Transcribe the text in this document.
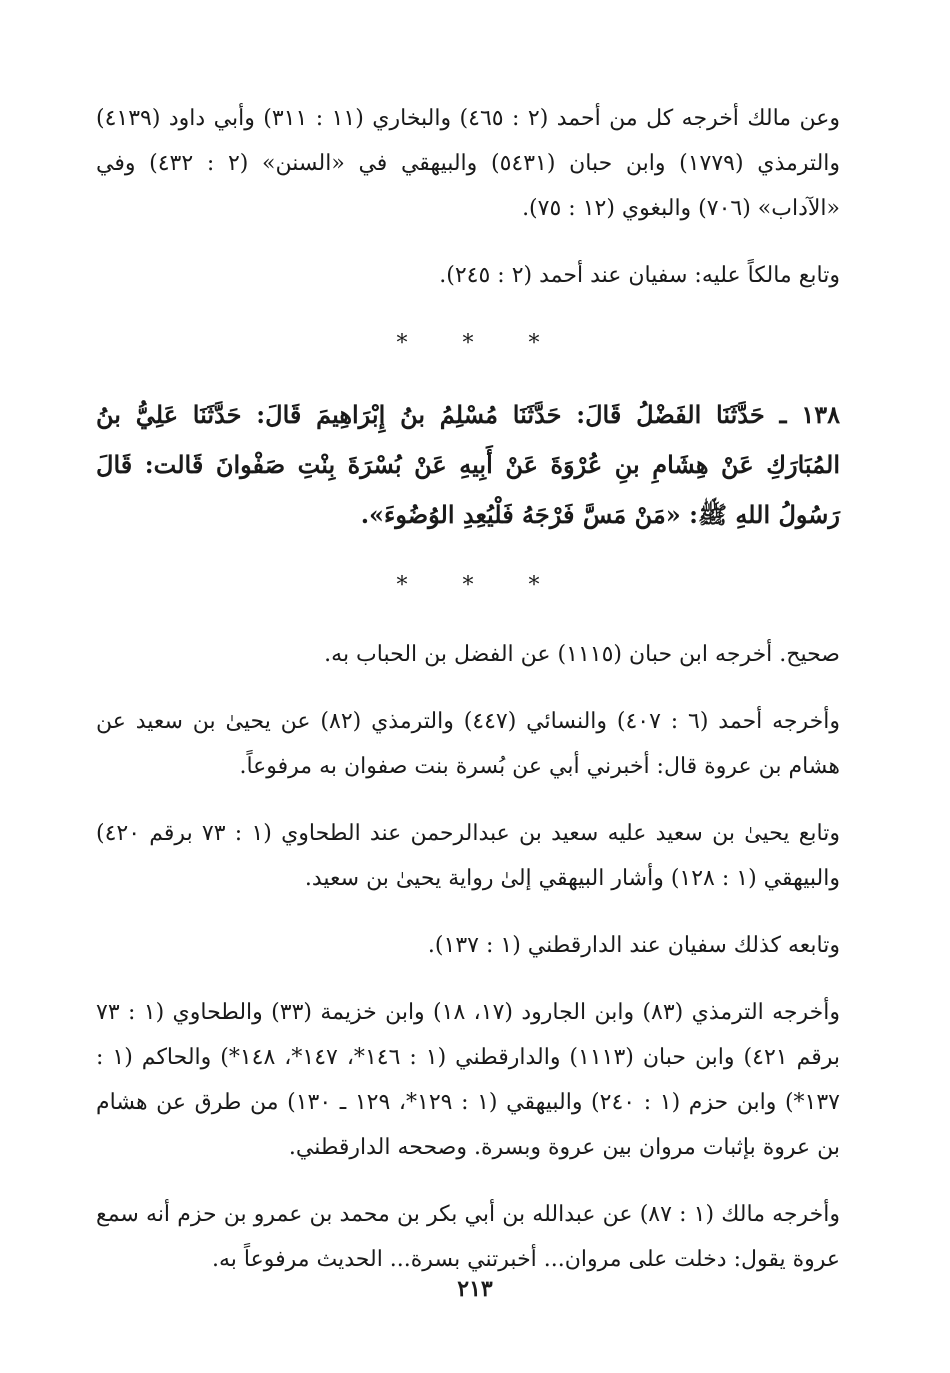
وعن مالك أخرجه كل من أحمد (٢ : ٤٦٥) والبخاري (١١ : ٣١١) وأبي داود (٤١٣٩) والترمذي (١٧٧٩) وابن حبان (٥٤٣١) والبيهقي في «السنن» (٢ : ٤٣٢) وفي «الآداب» (٧٠٦) والبغوي (١٢ : ٧٥).

وتابع مالكاً عليه: سفيان عند أحمد (٢ : ٢٤٥).

* * *

١٣٨ ـ حَدَّثَنَا الفَضْلُ قَالَ: حَدَّثَنَا مُسْلِمُ بنُ إِبْرَاهِيمَ قَالَ: حَدَّثَنَا عَلِيُّ بنُ المُبَارَكِ عَنْ هِشَامِ بنِ عُرْوَةَ عَنْ أَبِيهِ عَنْ بُسْرَةَ بِنْتِ صَفْوانَ قَالت: قَالَ رَسُولُ اللهِ ﷺ: «مَنْ مَسَّ فَرْجَهُ فَلْيُعِدِ الوُضُوءَ».

* * *

صحيح. أخرجه ابن حبان (١١١٥) عن الفضل بن الحباب به.

وأخرجه أحمد (٦ : ٤٠٧) والنسائي (٤٤٧) والترمذي (٨٢) عن يحيىٰ بن سعيد عن هشام بن عروة قال: أخبرني أبي عن بُسرة بنت صفوان به مرفوعاً.

وتابع يحيىٰ بن سعيد عليه سعيد بن عبدالرحمن عند الطحاوي (١ : ٧٣ برقم ٤٢٠) والبيهقي (١ : ١٢٨) وأشار البيهقي إلىٰ رواية يحيىٰ بن سعيد.

وتابعه كذلك سفيان عند الدارقطني (١ : ١٣٧).

وأخرجه الترمذي (٨٣) وابن الجارود (١٧، ١٨) وابن خزيمة (٣٣) والطحاوي (١ : ٧٣ برقم ٤٢١) وابن حبان (١١١٣) والدارقطني (١ : ١٤٦*، ١٤٧*، ١٤٨*) والحاكم (١ : ١٣٧*) وابن حزم (١ : ٢٤٠) والبيهقي (١ : ١٢٩*، ١٢٩ ـ ١٣٠) من طرق عن هشام بن عروة بإثبات مروان بين عروة وبسرة. وصححه الدارقطني.

وأخرجه مالك (١ : ٨٧) عن عبدالله بن أبي بكر بن محمد بن عمرو بن حزم أنه سمع عروة يقول: دخلت على مروان... أخبرتني بسرة... الحديث مرفوعاً به.

٢١٣
